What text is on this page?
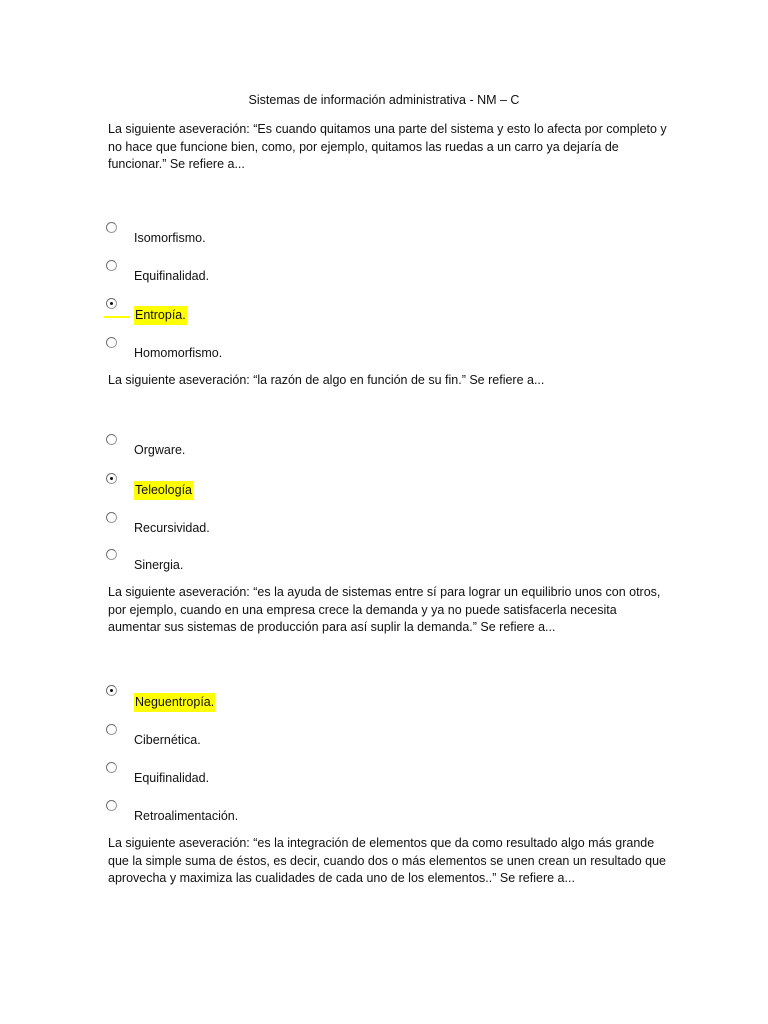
Sistemas de información administrativa - NM – C
La siguiente aseveración: “Es cuando quitamos una parte del sistema y esto lo afecta por completo y no hace que funcione bien, como, por ejemplo, quitamos las ruedas a un carro ya dejaría de funcionar.” Se refiere a...
Isomorfismo.
Equifinalidad.
Entropía.
Homomorfismo.
La siguiente aseveración: “la razón de algo en función de su fin.” Se refiere a...
Orgware.
Teleología
Recursividad.
Sinergia.
La siguiente aseveración: “es la ayuda de sistemas entre sí para lograr un equilibrio unos con otros, por ejemplo, cuando en una empresa crece la demanda y ya no puede satisfacerla necesita aumentar sus sistemas de producción para así suplir la demanda.” Se refiere a...
Neguentropía.
Cibernética.
Equifinalidad.
Retroalimentación.
La siguiente aseveración: “es la integración de elementos que da como resultado algo más grande que la simple suma de éstos, es decir, cuando dos o más elementos se unen crean un resultado que aprovecha y maximiza las cualidades de cada uno de los elementos..” Se refiere a...
